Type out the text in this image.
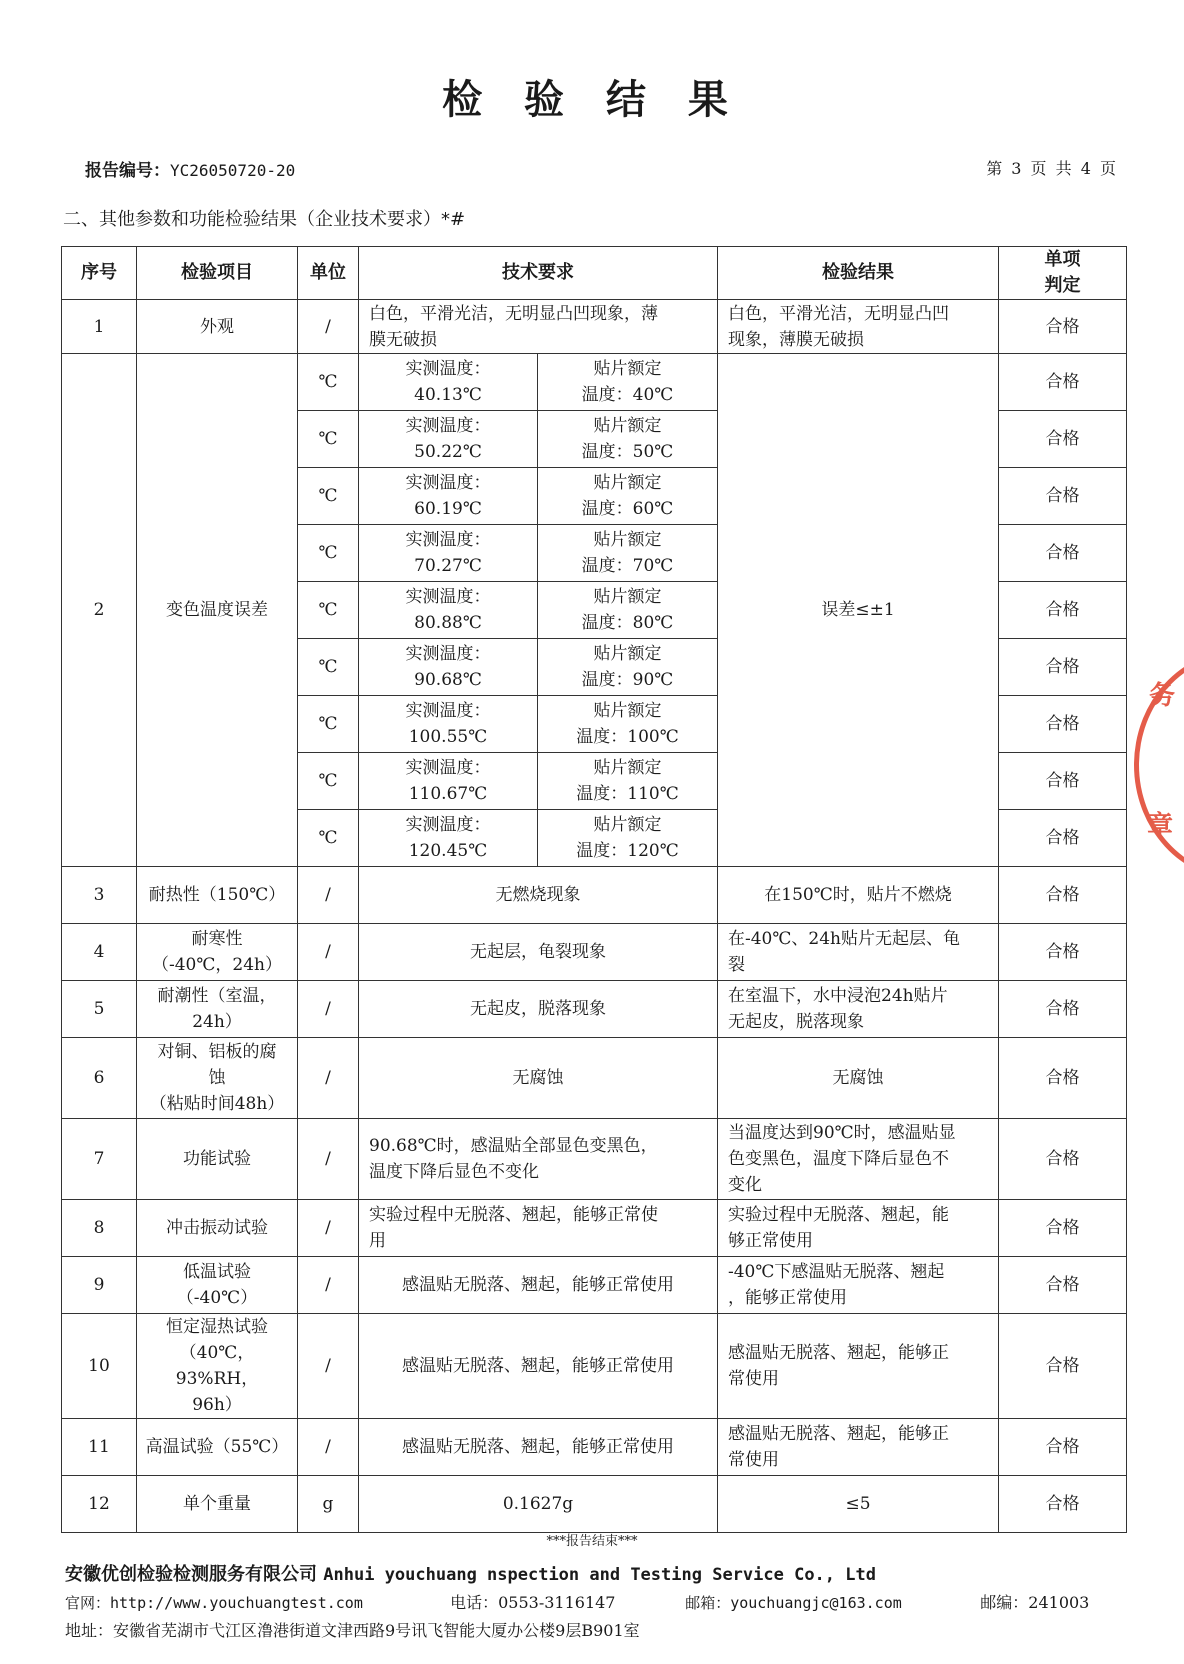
检 验 结 果
报告编号：YC26050720-20	第 3 页 共 4 页
二、其他参数和功能检验结果（企业技术要求）*#
序号	检验项目	单位	技术要求		检验结果	单项
判定

1	外观	/	白色，平滑光洁，无明显凸凹现象，薄
膜无破损		白色，平滑光洁，无明显凸凹
现象，薄膜无破损	合格
2	变色温度误差	℃	实测温度：
40.13℃	贴片额定
温度：40℃	误差≤±1	合格
		℃	实测温度：
50.22℃	贴片额定
温度：50℃		合格
		℃	实测温度：
60.19℃	贴片额定
温度：60℃		合格
		℃	实测温度：
70.27℃	贴片额定
温度：70℃		合格
		℃	实测温度：
80.88℃	贴片额定
温度：80℃		合格
		℃	实测温度：
90.68℃	贴片额定
温度：90℃		合格
		℃	实测温度：
100.55℃	贴片额定
温度：100℃		合格
		℃	实测温度：
110.67℃	贴片额定
温度：110℃		合格
		℃	实测温度：
120.45℃	贴片额定
温度：120℃		合格
3	耐热性（150℃）	/	无燃烧现象		在150℃时，贴片不燃烧	合格
4	耐寒性
（-40℃，24h）	/	无起层，龟裂现象		在-40℃、24h贴片无起层、龟
裂	合格
5	耐潮性（室温，
24h）	/	无起皮，脱落现象		在室温下，水中浸泡24h贴片
无起皮，脱落现象	合格
6	对铜、铝板的腐
蚀
（粘贴时间48h）	/	无腐蚀		无腐蚀	合格
7	功能试验	/	90.68℃时，感温贴全部显色变黑色，
温度下降后显色不变化		当温度达到90℃时，感温贴显
色变黑色，温度下降后显色不
变化	合格
8	冲击振动试验	/	实验过程中无脱落、翘起，能够正常使
用		实验过程中无脱落、翘起，能
够正常使用	合格
9	低温试验
（-40℃）	/	感温贴无脱落、翘起，能够正常使用		-40℃下感温贴无脱落、翘起
，能够正常使用	合格
10	恒定湿热试验
（40℃，93%RH，
96h）	/	感温贴无脱落、翘起，能够正常使用		感温贴无脱落、翘起，能够正
常使用	合格
11	高温试验（55℃）	/	感温贴无脱落、翘起，能够正常使用		感温贴无脱落、翘起，能够正
常使用	合格
12	单个重量	g	0.1627g		≤5	合格
***报告结束***
安徽优创检验检测服务有限公司 Anhui youchuang nspection and Testing Service Co., Ltd
官网：http://www.youchuangtest.com	电话：0553-3116147	邮箱：youchuangjc@163.com	邮编：241003
地址：安徽省芜湖市弋江区澛港街道文津西路9号讯飞智能大厦办公楼9层B901室
务
章
